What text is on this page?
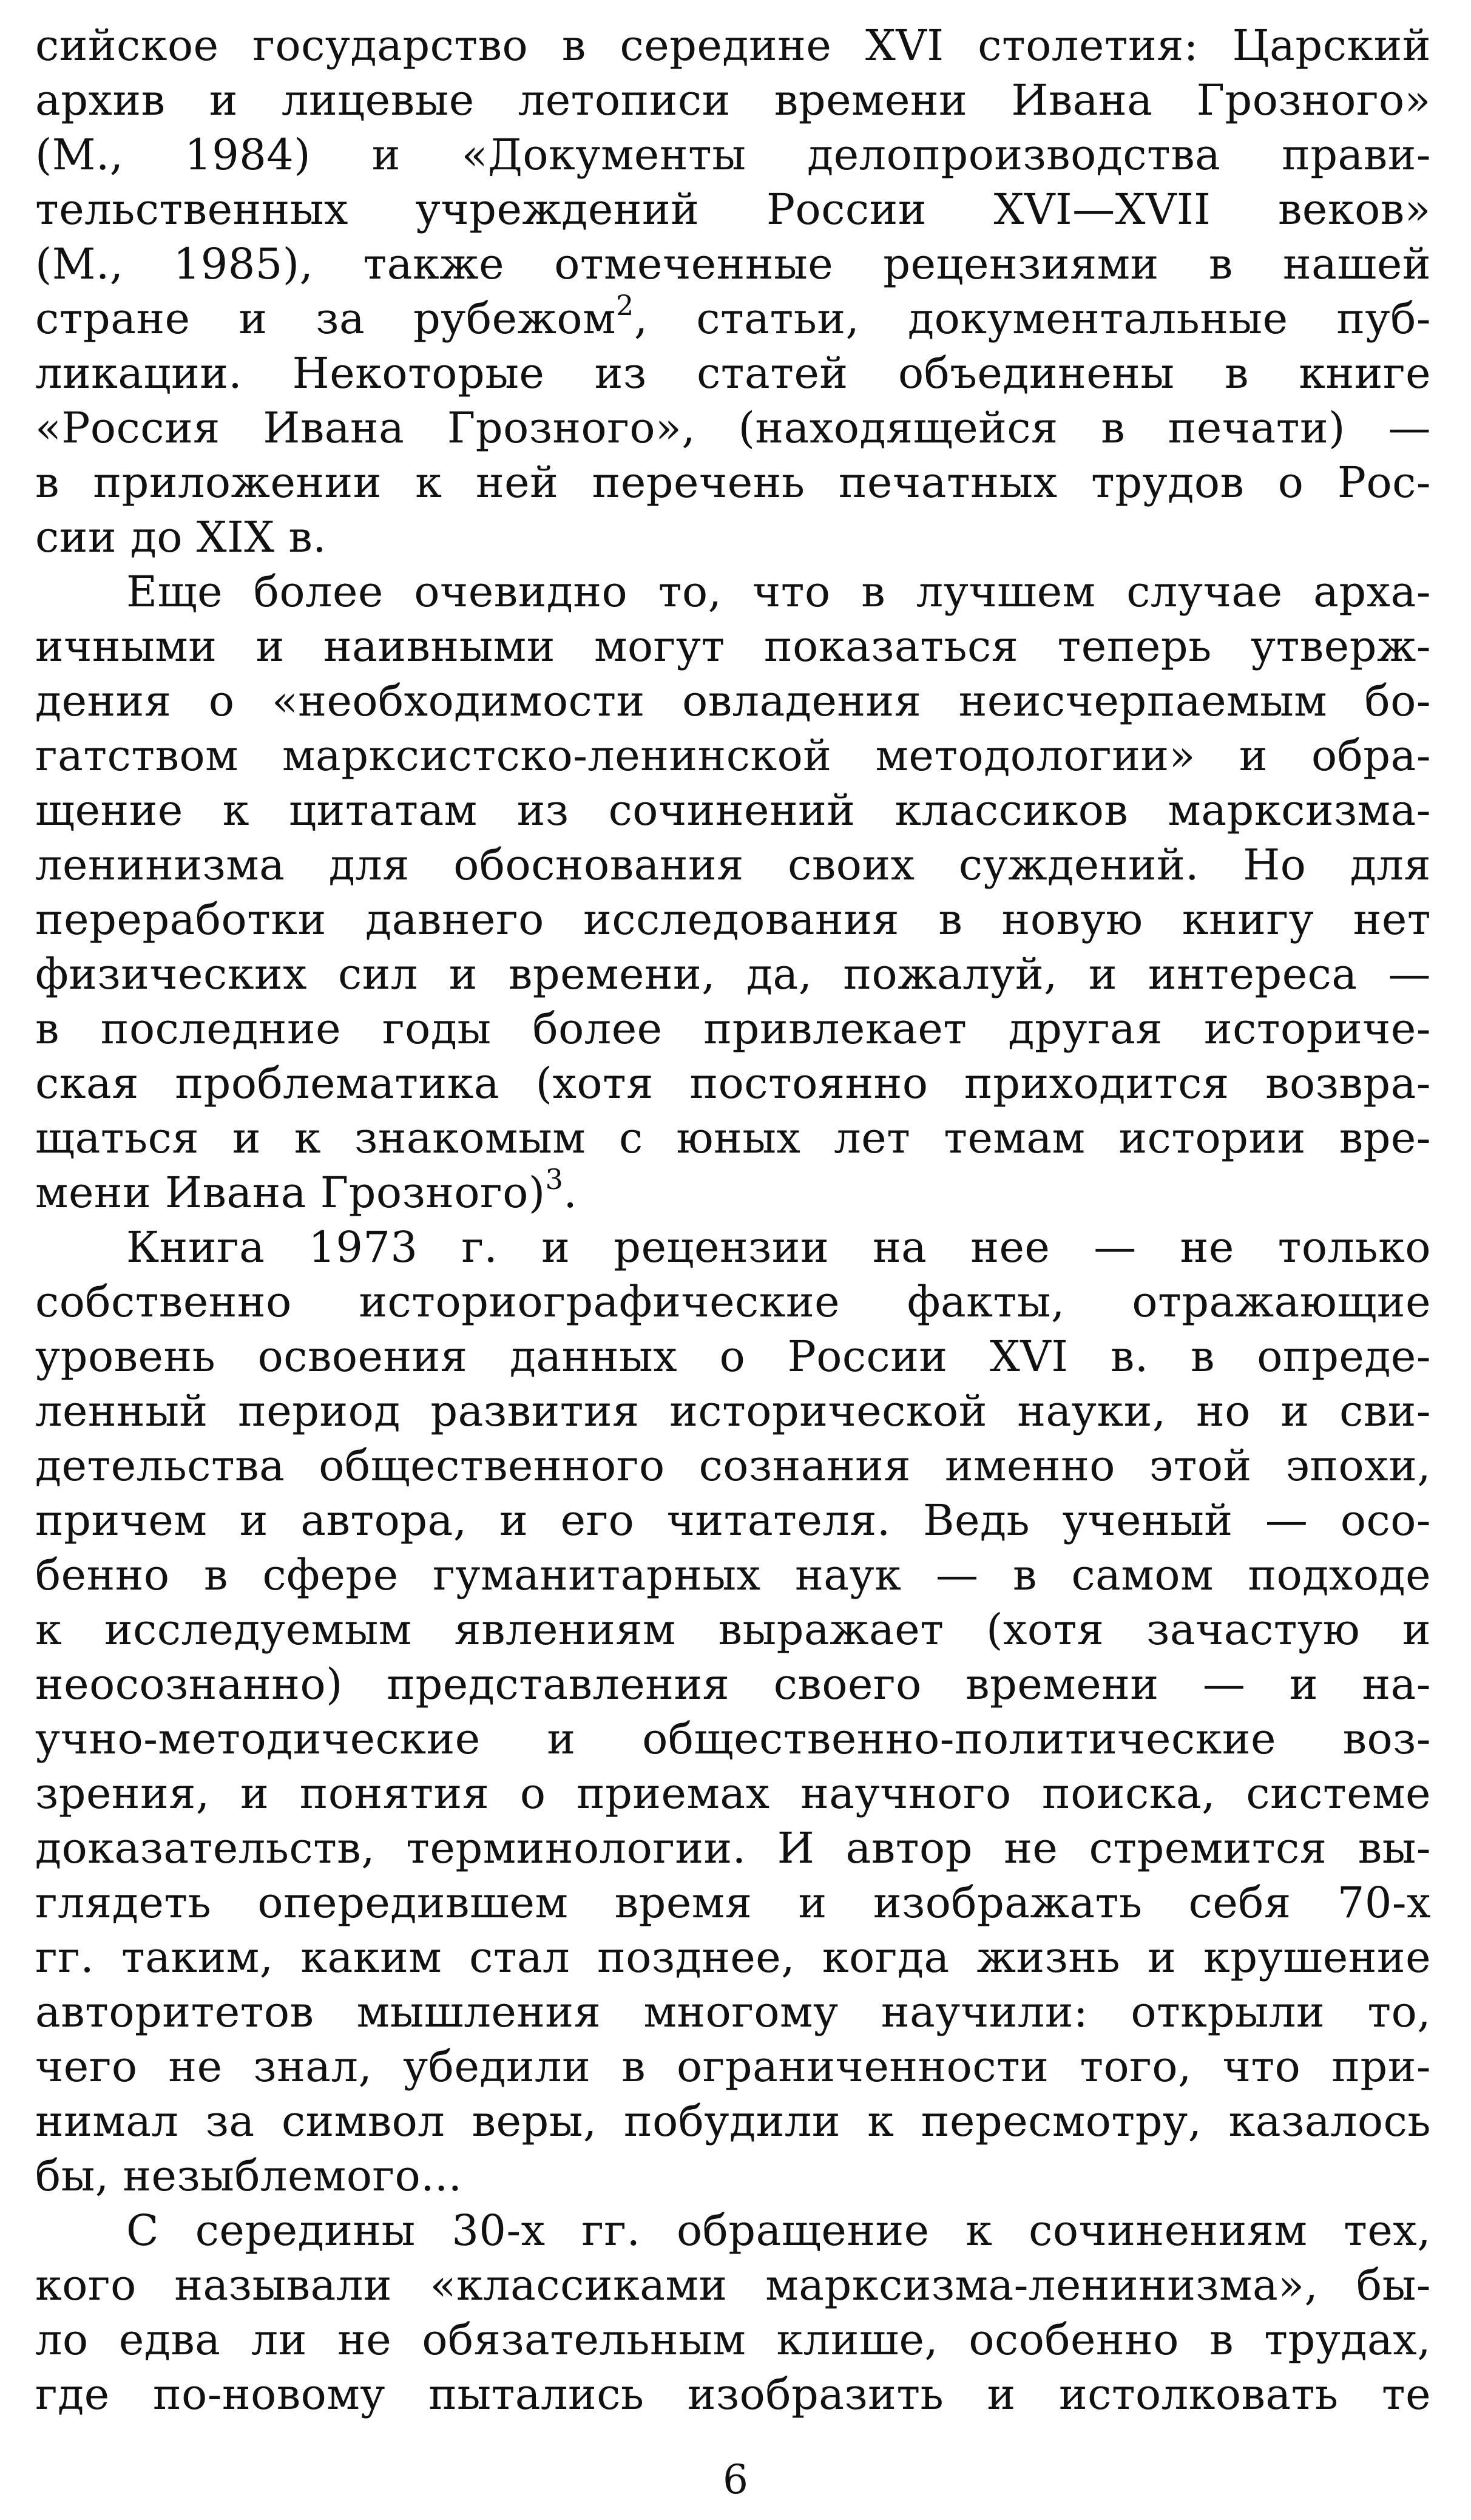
сийское государство в середине XVI столетия: Царский
архив и лицевые летописи времени Ивана Грозного»
(М., 1984) и «Документы делопроизводства прави-
тельственных учреждений России XVI—XVII веков»
(М., 1985), также отмеченные рецензиями в нашей
стране и за рубежом$^2$, статьи, документальные пуб-
ликации. Некоторые из статей объединены в книге
«Россия Ивана Грозного», (находящейся в печати) —
в приложении к ней перечень печатных трудов о Рос-
сии до XIX в.
Еще более очевидно то, что в лучшем случае арха-
ичными и наивными могут показаться теперь утверж-
дения о «необходимости овладения неисчерпаемым бо-
гатством марксистско-ленинской методологии» и обра-
щение к цитатам из сочинений классиков марксизма-
ленинизма для обоснования своих суждений. Но для
переработки давнего исследования в новую книгу нет
физических сил и времени, да, пожалуй, и интереса —
в последние годы более привлекает другая историче-
ская проблематика (хотя постоянно приходится возвра-
щаться и к знакомым с юных лет темам истории вре-
мени Ивана Грозного)$^3$.
Книга 1973 г. и рецензии на нее — не только
собственно историографические факты, отражающие
уровень освоения данных о России XVI в. в опреде-
ленный период развития исторической науки, но и сви-
детельства общественного сознания именно этой эпохи,
причем и автора, и его читателя. Ведь ученый — осо-
бенно в сфере гуманитарных наук — в самом подходе
к исследуемым явлениям выражает (хотя зачастую и
неосознанно) представления своего времени — и на-
учно-методические и общественно-политические воз-
зрения, и понятия о приемах научного поиска, системе
доказательств, терминологии. И автор не стремится вы-
глядеть опередившем время и изображать себя 70-х
гг. таким, каким стал позднее, когда жизнь и крушение
авторитетов мышления многому научили: открыли то,
чего не знал, убедили в ограниченности того, что при-
нимал за символ веры, побудили к пересмотру, казалось
бы, незыблемого...
С середины 30-х гг. обращение к сочинениям тех,
кого называли «классиками марксизма-ленинизма», бы-
ло едва ли не обязательным клише, особенно в трудах,
где по-новому пытались изобразить и истолковать те
6
